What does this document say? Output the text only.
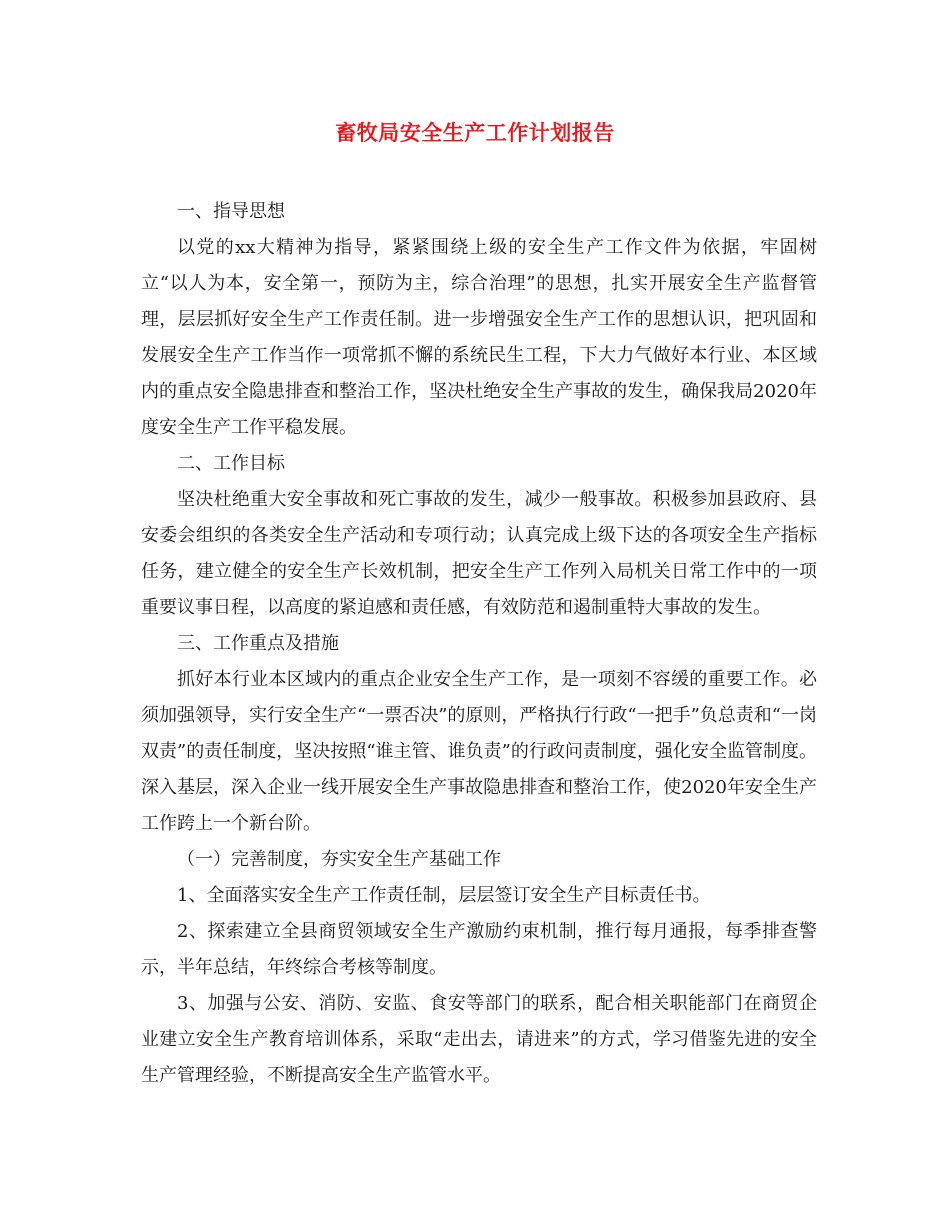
畜牧局安全生产工作计划报告

一、指导思想

以党的xx大精神为指导，紧紧围绕上级的安全生产工作文件为依据，牢固树立“以人为本，安全第一，预防为主，综合治理”的思想，扎实开展安全生产监督管理，层层抓好安全生产工作责任制。进一步增强安全生产工作的思想认识，把巩固和发展安全生产工作当作一项常抓不懈的系统民生工程，下大力气做好本行业、本区域内的重点安全隐患排查和整治工作，坚决杜绝安全生产事故的发生，确保我局2020年度安全生产工作平稳发展。

二、工作目标

坚决杜绝重大安全事故和死亡事故的发生，减少一般事故。积极参加县政府、县安委会组织的各类安全生产活动和专项行动；认真完成上级下达的各项安全生产指标任务，建立健全的安全生产长效机制，把安全生产工作列入局机关日常工作中的一项重要议事日程，以高度的紧迫感和责任感，有效防范和遏制重特大事故的发生。

三、工作重点及措施

抓好本行业本区域内的重点企业安全生产工作，是一项刻不容缓的重要工作。必须加强领导，实行安全生产“一票否决”的原则，严格执行行政“一把手”负总责和“一岗双责”的责任制度，坚决按照“谁主管、谁负责”的行政问责制度，强化安全监管制度。深入基层，深入企业一线开展安全生产事故隐患排查和整治工作，使2020年安全生产工作跨上一个新台阶。

（一）完善制度，夯实安全生产基础工作

1、全面落实安全生产工作责任制，层层签订安全生产目标责任书。

2、探索建立全县商贸领域安全生产激励约束机制，推行每月通报，每季排查警示，半年总结，年终综合考核等制度。

3、加强与公安、消防、安监、食安等部门的联系，配合相关职能部门在商贸企业建立安全生产教育培训体系，采取“走出去，请进来”的方式，学习借鉴先进的安全生产管理经验，不断提高安全生产监管水平。
